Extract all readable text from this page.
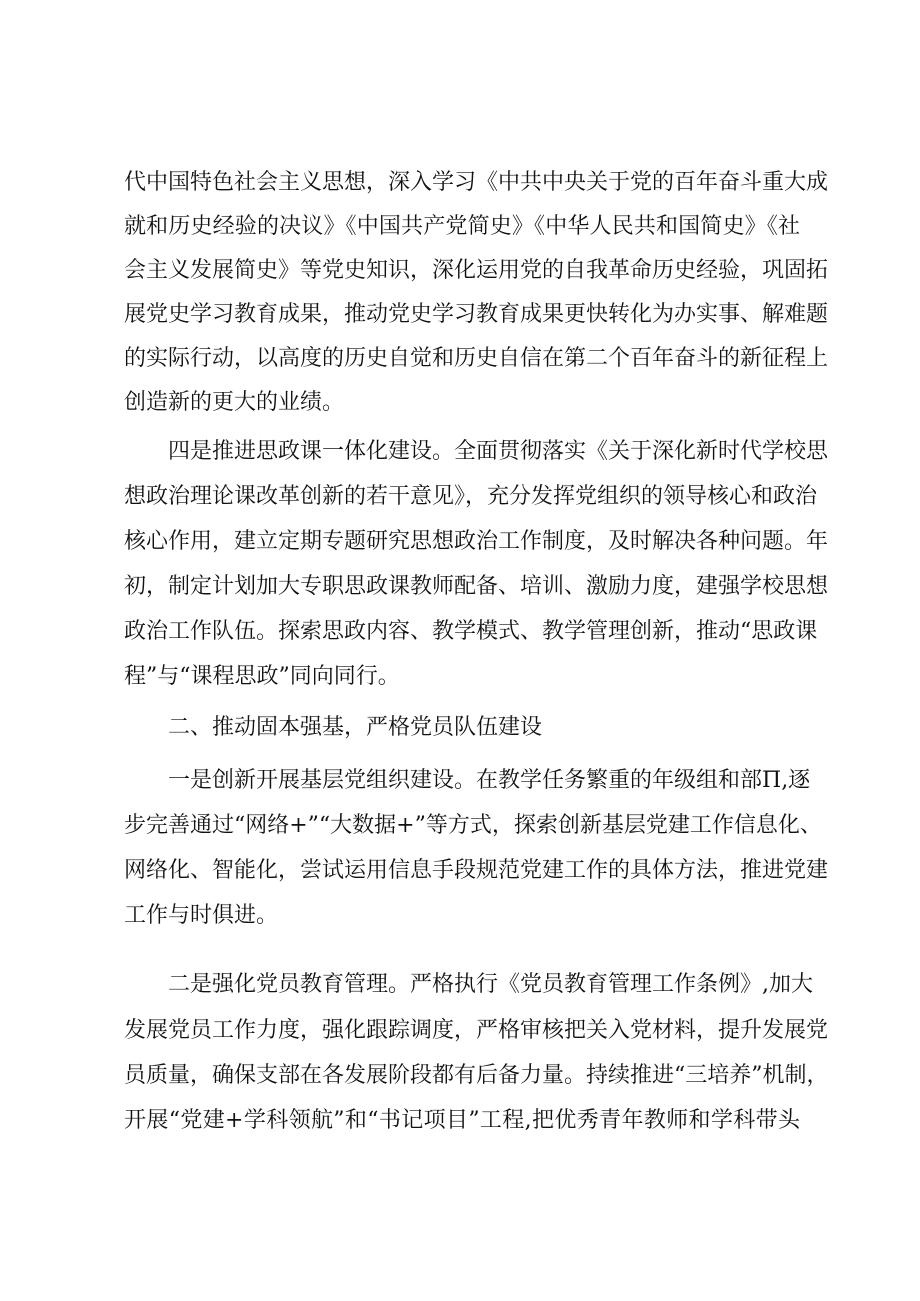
代中国特色社会主义思想，深入学习《中共中央关于党的百年奋斗重大成
就和历史经验的决议》《中国共产党简史》《中华人民共和国简史》《社
会主义发展简史》等党史知识，深化运用党的自我革命历史经验，巩固拓
展党史学习教育成果，推动党史学习教育成果更快转化为办实事、解难题
的实际行动，以高度的历史自觉和历史自信在第二个百年奋斗的新征程上
创造新的更大的业绩。
四是推进思政课一体化建设。全面贯彻落实《关于深化新时代学校思
想政治理论课改革创新的若干意见》，充分发挥党组织的领导核心和政治
核心作用，建立定期专题研究思想政治工作制度，及时解决各种问题。年
初，制定计划加大专职思政课教师配备、培训、激励力度，建强学校思想
政治工作队伍。探索思政内容、教学模式、教学管理创新，推动“思政课
程”与“课程思政”同向同行。
二、推动固本强基，严格党员队伍建设
一是创新开展基层党组织建设。在教学任务繁重的年级组和部Π,逐
步完善通过“网络+”“大数据+”等方式，探索创新基层党建工作信息化、
网络化、智能化，尝试运用信息手段规范党建工作的具体方法，推进党建
工作与时俱进。
二是强化党员教育管理。严格执行《党员教育管理工作条例》,加大
发展党员工作力度，强化跟踪调度，严格审核把关入党材料，提升发展党
员质量，确保支部在各发展阶段都有后备力量。持续推进“三培养”机制，
开展“党建+学科领航”和“书记项目”工程,把优秀青年教师和学科带头
